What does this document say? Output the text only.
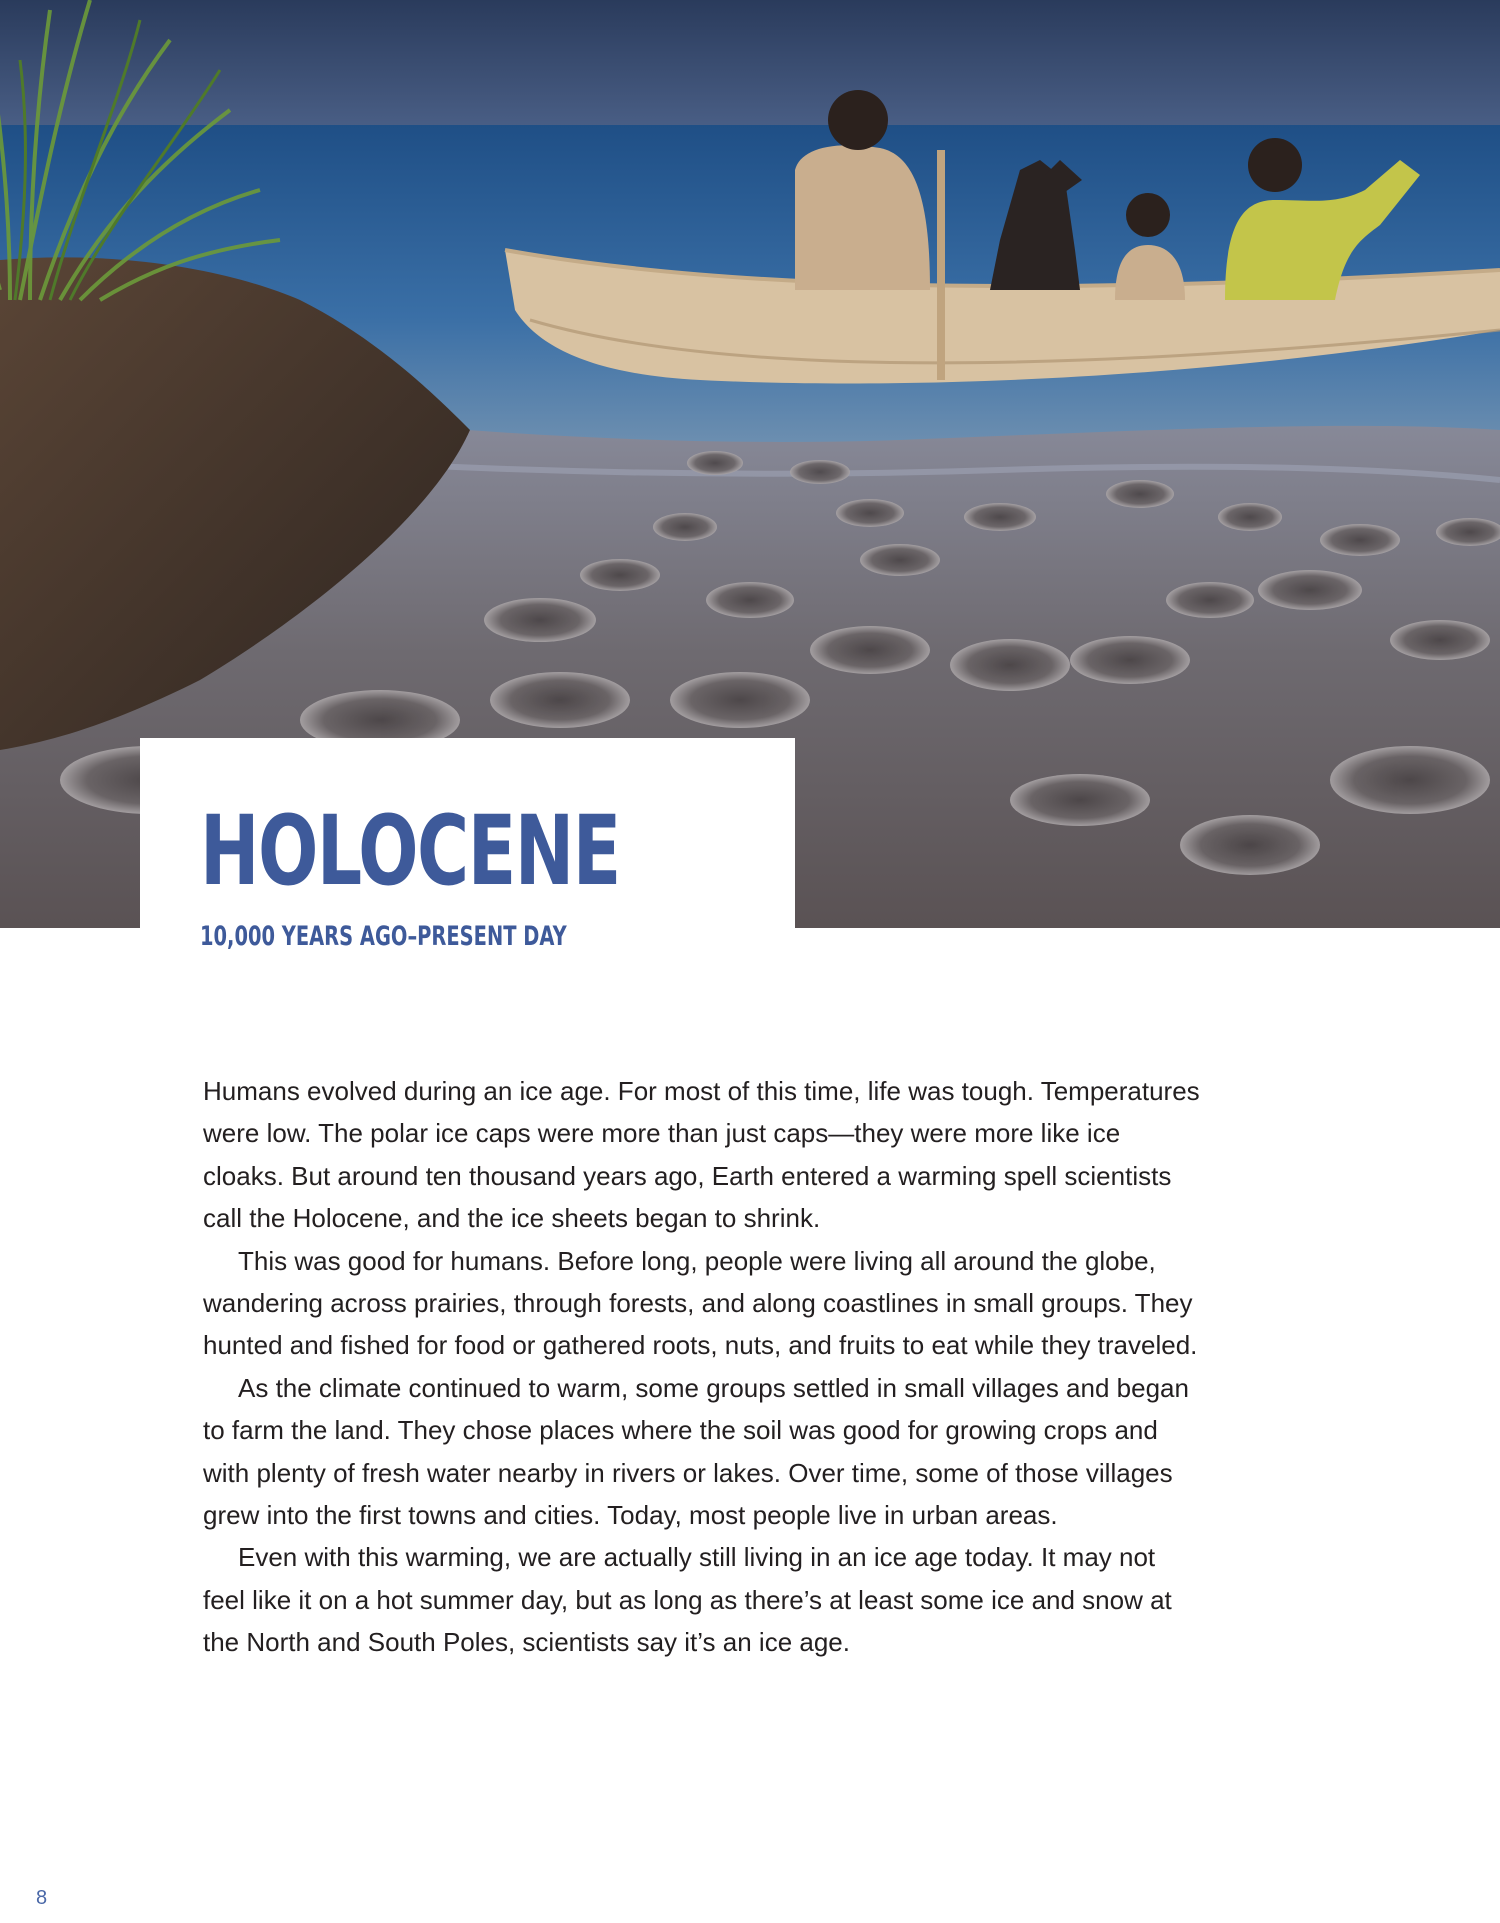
HOLOCENE
10,000 YEARS AGO–PRESENT DAY

Humans evolved during an ice age. For most of this time, life was tough. Temperatures were low. The polar ice caps were more than just caps—they were more like ice cloaks. But around ten thousand years ago, Earth entered a warming spell scientists call the Holocene, and the ice sheets began to shrink.

This was good for humans. Before long, people were living all around the globe, wandering across prairies, through forests, and along coastlines in small groups. They hunted and fished for food or gathered roots, nuts, and fruits to eat while they traveled.

As the climate continued to warm, some groups settled in small villages and began to farm the land. They chose places where the soil was good for growing crops and with plenty of fresh water nearby in rivers or lakes. Over time, some of those villages grew into the first towns and cities. Today, most people live in urban areas.

Even with this warming, we are actually still living in an ice age today. It may not feel like it on a hot summer day, but as long as there’s at least some ice and snow at the North and South Poles, scientists say it’s an ice age.

8
